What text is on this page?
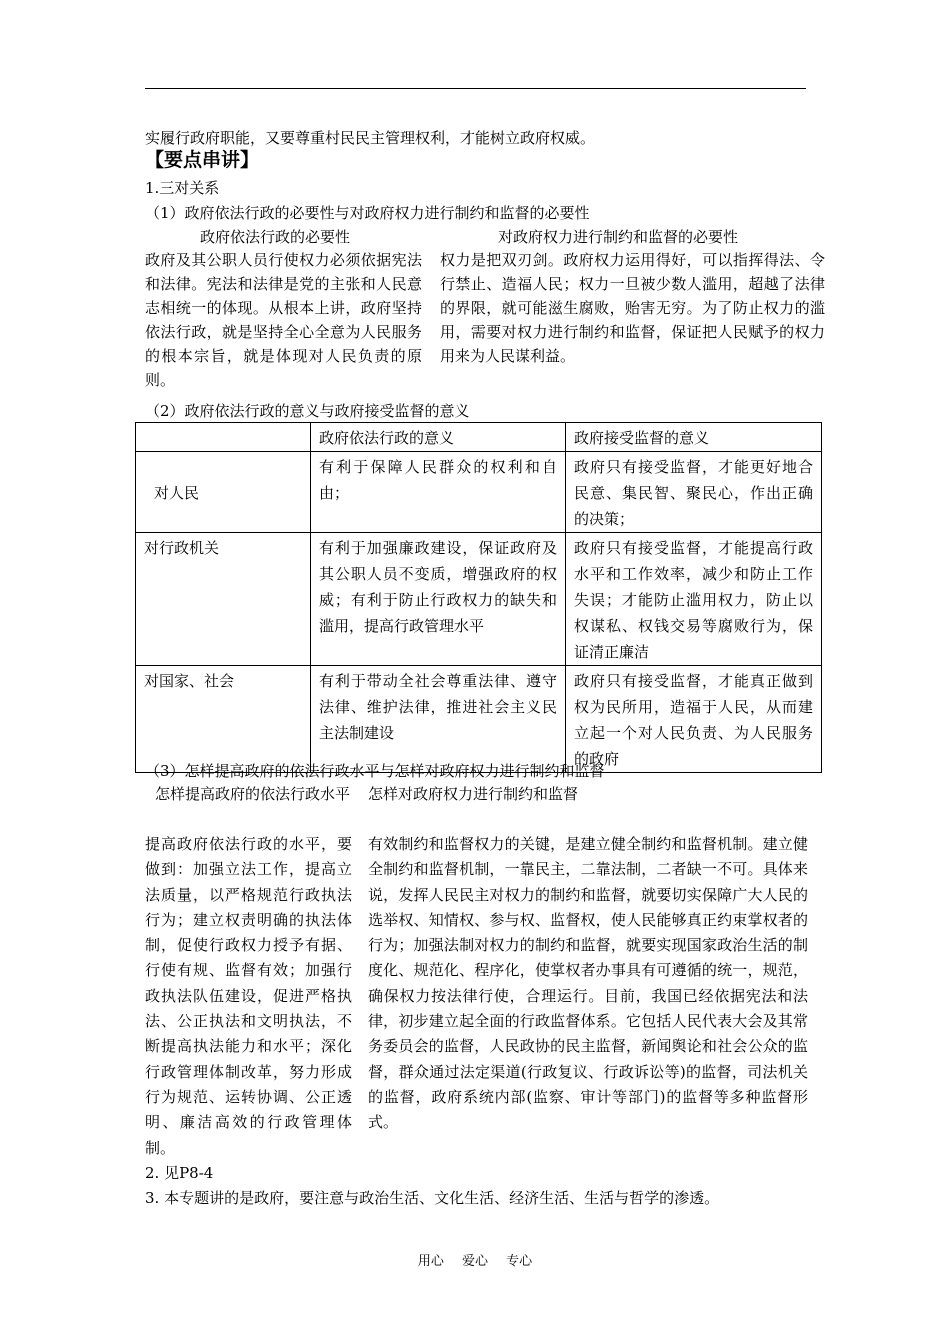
实履行政府职能，又要尊重村民民主管理权利，才能树立政府权威。
【要点串讲】
1.三对关系
（1）政府依法行政的必要性与对政府权力进行制约和监督的必要性
政府依法行政的必要性	对政府权力进行制约和监督的必要性
政府及其公职人员行使权力必须依据宪法和法律。宪法和法律是党的主张和人民意志相统一的体现。从根本上讲，政府坚持依法行政，就是坚持全心全意为人民服务的根本宗旨，就是体现对人民负责的原则。
权力是把双刃剑。政府权力运用得好，可以指挥得法、令行禁止、造福人民；权力一旦被少数人滥用，超越了法律的界限，就可能滋生腐败，贻害无穷。为了防止权力的滥用，需要对权力进行制约和监督，保证把人民赋予的权力用来为人民谋利益。
（2）政府依法行政的意义与政府接受监督的意义
	政府依法行政的意义	政府接受监督的意义
对人民	有利于保障人民群众的权利和自由；	政府只有接受监督，才能更好地合民意、集民智、聚民心，作出正确的决策；
对行政机关	有利于加强廉政建设，保证政府及其公职人员不变质，增强政府的权威；有利于防止行政权力的缺失和滥用，提高行政管理水平	政府只有接受监督，才能提高行政水平和工作效率，减少和防止工作失误；才能防止滥用权力，防止以权谋私、权钱交易等腐败行为，保证清正廉洁
对国家、社会	有利于带动全社会尊重法律、遵守法律、维护法律，推进社会主义民主法制建设	政府只有接受监督，才能真正做到权为民所用，造福于人民，从而建立起一个对人民负责、为人民服务的政府
（3）怎样提高政府的依法行政水平与怎样对政府权力进行制约和监督
怎样提高政府的依法行政水平 怎样对政府权力进行制约和监督
提高政府依法行政的水平，要做到：加强立法工作，提高立法质量，以严格规范行政执法行为；建立权责明确的执法体制，促使行政权力授予有据、行使有规、监督有效；加强行政执法队伍建设，促进严格执法、公正执法和文明执法，不断提高执法能力和水平；深化行政管理体制改革，努力形成行为规范、运转协调、公正透明、廉洁高效的行政管理体制。
有效制约和监督权力的关键，是建立健全制约和监督机制。建立健全制约和监督机制，一靠民主，二靠法制，二者缺一不可。具体来说，发挥人民民主对权力的制约和监督，就要切实保障广大人民的选举权、知情权、参与权、监督权，使人民能够真正约束掌权者的行为；加强法制对权力的制约和监督，就要实现国家政治生活的制度化、规范化、程序化，使掌权者办事具有可遵循的统一，规范，确保权力按法律行使，合理运行。目前，我国已经依据宪法和法律，初步建立起全面的行政监督体系。它包括人民代表大会及其常务委员会的监督，人民政协的民主监督，新闻舆论和社会公众的监督，群众通过法定渠道(行政复议、行政诉讼等)的监督，司法机关的监督，政府系统内部(监察、审计等部门)的监督等多种监督形式。
2. 见P8-4
3. 本专题讲的是政府，要注意与政治生活、文化生活、经济生活、生活与哲学的渗透。
用心 爱心 专心
